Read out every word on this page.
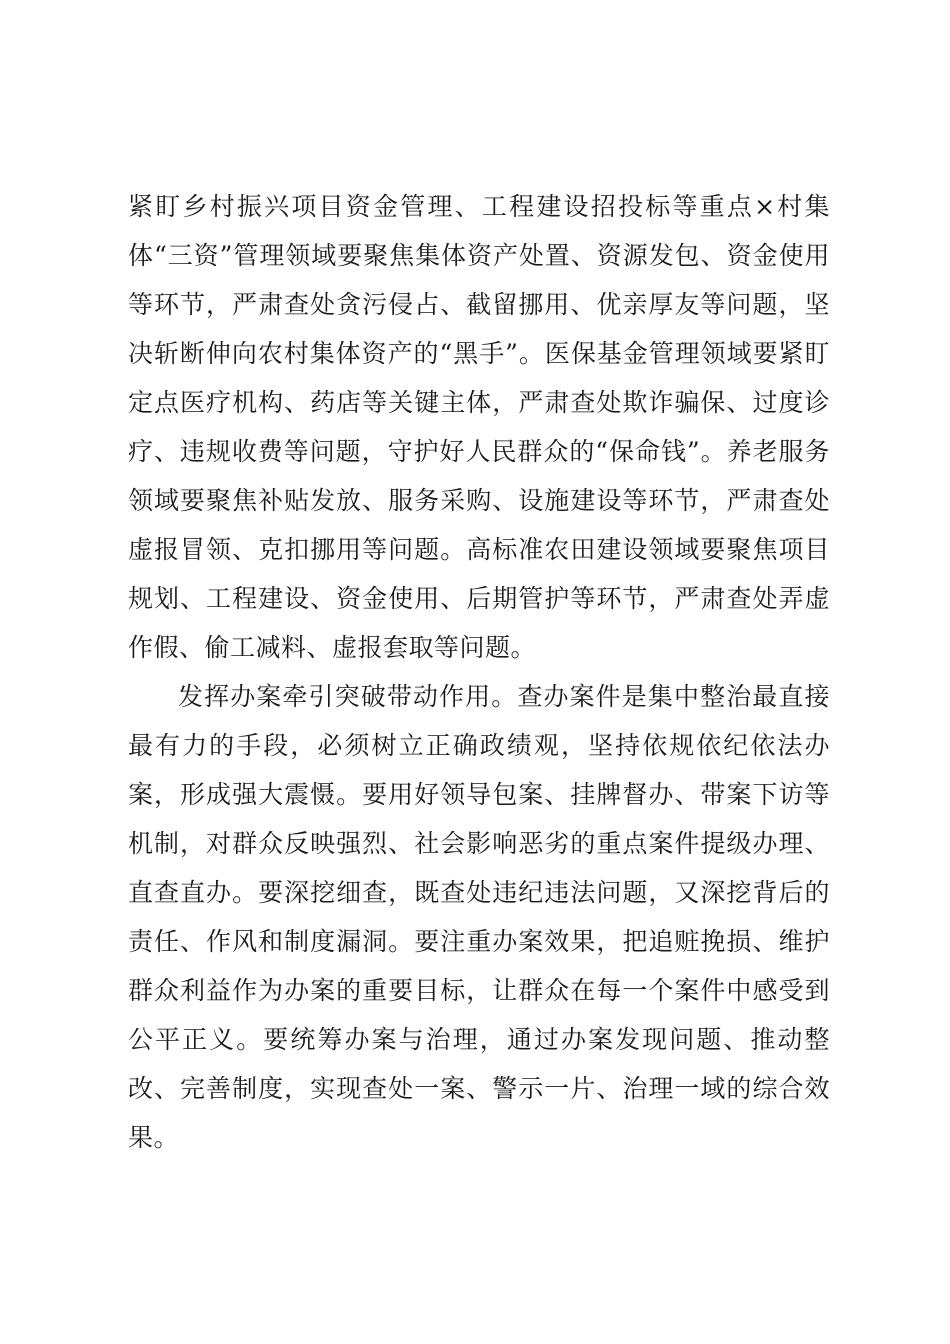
紧盯乡村振兴项目资金管理、工程建设招投标等重点×村集体“三资”管理领域要聚焦集体资产处置、资源发包、资金使用等环节，严肃查处贪污侵占、截留挪用、优亲厚友等问题，坚决斩断伸向农村集体资产的“黑手”。医保基金管理领域要紧盯定点医疗机构、药店等关键主体，严肃查处欺诈骗保、过度诊疗、违规收费等问题，守护好人民群众的“保命钱”。养老服务领域要聚焦补贴发放、服务采购、设施建设等环节，严肃查处虚报冒领、克扣挪用等问题。高标准农田建设领域要聚焦项目规划、工程建设、资金使用、后期管护等环节，严肃查处弄虚作假、偷工减料、虚报套取等问题。

发挥办案牵引突破带动作用。查办案件是集中整治最直接最有力的手段，必须树立正确政绩观，坚持依规依纪依法办案，形成强大震慑。要用好领导包案、挂牌督办、带案下访等机制，对群众反映强烈、社会影响恶劣的重点案件提级办理、直查直办。要深挖细查，既查处违纪违法问题，又深挖背后的责任、作风和制度漏洞。要注重办案效果，把追赃挽损、维护群众利益作为办案的重要目标，让群众在每一个案件中感受到公平正义。要统筹办案与治理，通过办案发现问题、推动整改、完善制度，实现查处一案、警示一片、治理一域的综合效果。
